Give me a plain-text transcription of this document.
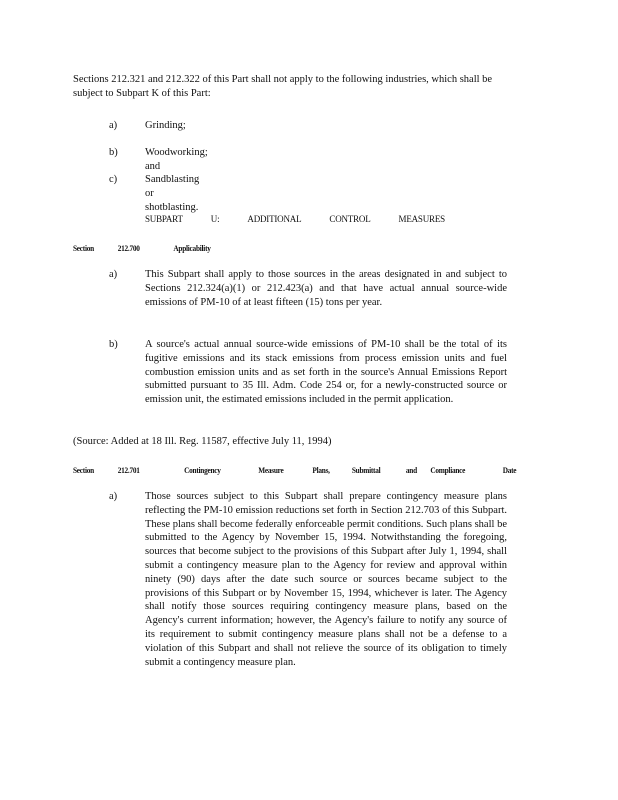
Sections 212.321 and 212.322 of this Part shall not apply to the following industries, which shall be subject to Subpart K of this Part:
a)	Grinding;
b)	Woodworking; and
c)	Sandblasting or shotblasting.
SUBPART	U:	ADDITIONAL	CONTROL	MEASURES
Section	212.700	Applicability
a)	This Subpart shall apply to those sources in the areas designated in and subject to Sections 212.324(a)(1) or 212.423(a) and that have actual annual source-wide emissions of PM-10 of at least fifteen (15) tons per year.
b)	A source's actual annual source-wide emissions of PM-10 shall be the total of its fugitive emissions and its stack emissions from process emission units and fuel combustion emission units and as set forth in the source's Annual Emissions Report submitted pursuant to 35 Ill. Adm. Code 254 or, for a newly-constructed source or emission unit, the estimated emissions included in the permit application.
(Source: Added at 18 Ill. Reg. 11587, effective July 11, 1994)
Section	212.701	Contingency	Measure	Plans,	Submittal	and Compliance	Date
a)	Those sources subject to this Subpart shall prepare contingency measure plans reflecting the PM-10 emission reductions set forth in Section 212.703 of this Subpart. These plans shall become federally enforceable permit conditions. Such plans shall be submitted to the Agency by November 15, 1994. Notwithstanding the foregoing, sources that become subject to the provisions of this Subpart after July 1, 1994, shall submit a contingency measure plan to the Agency for review and approval within ninety (90) days after the date such source or sources became subject to the provisions of this Subpart or by November 15, 1994, whichever is later. The Agency shall notify those sources requiring contingency measure plans, based on the Agency's current information; however, the Agency's failure to notify any source of its requirement to submit contingency measure plans shall not be a defense to a violation of this Subpart and shall not relieve the source of its obligation to timely submit a contingency measure plan.
